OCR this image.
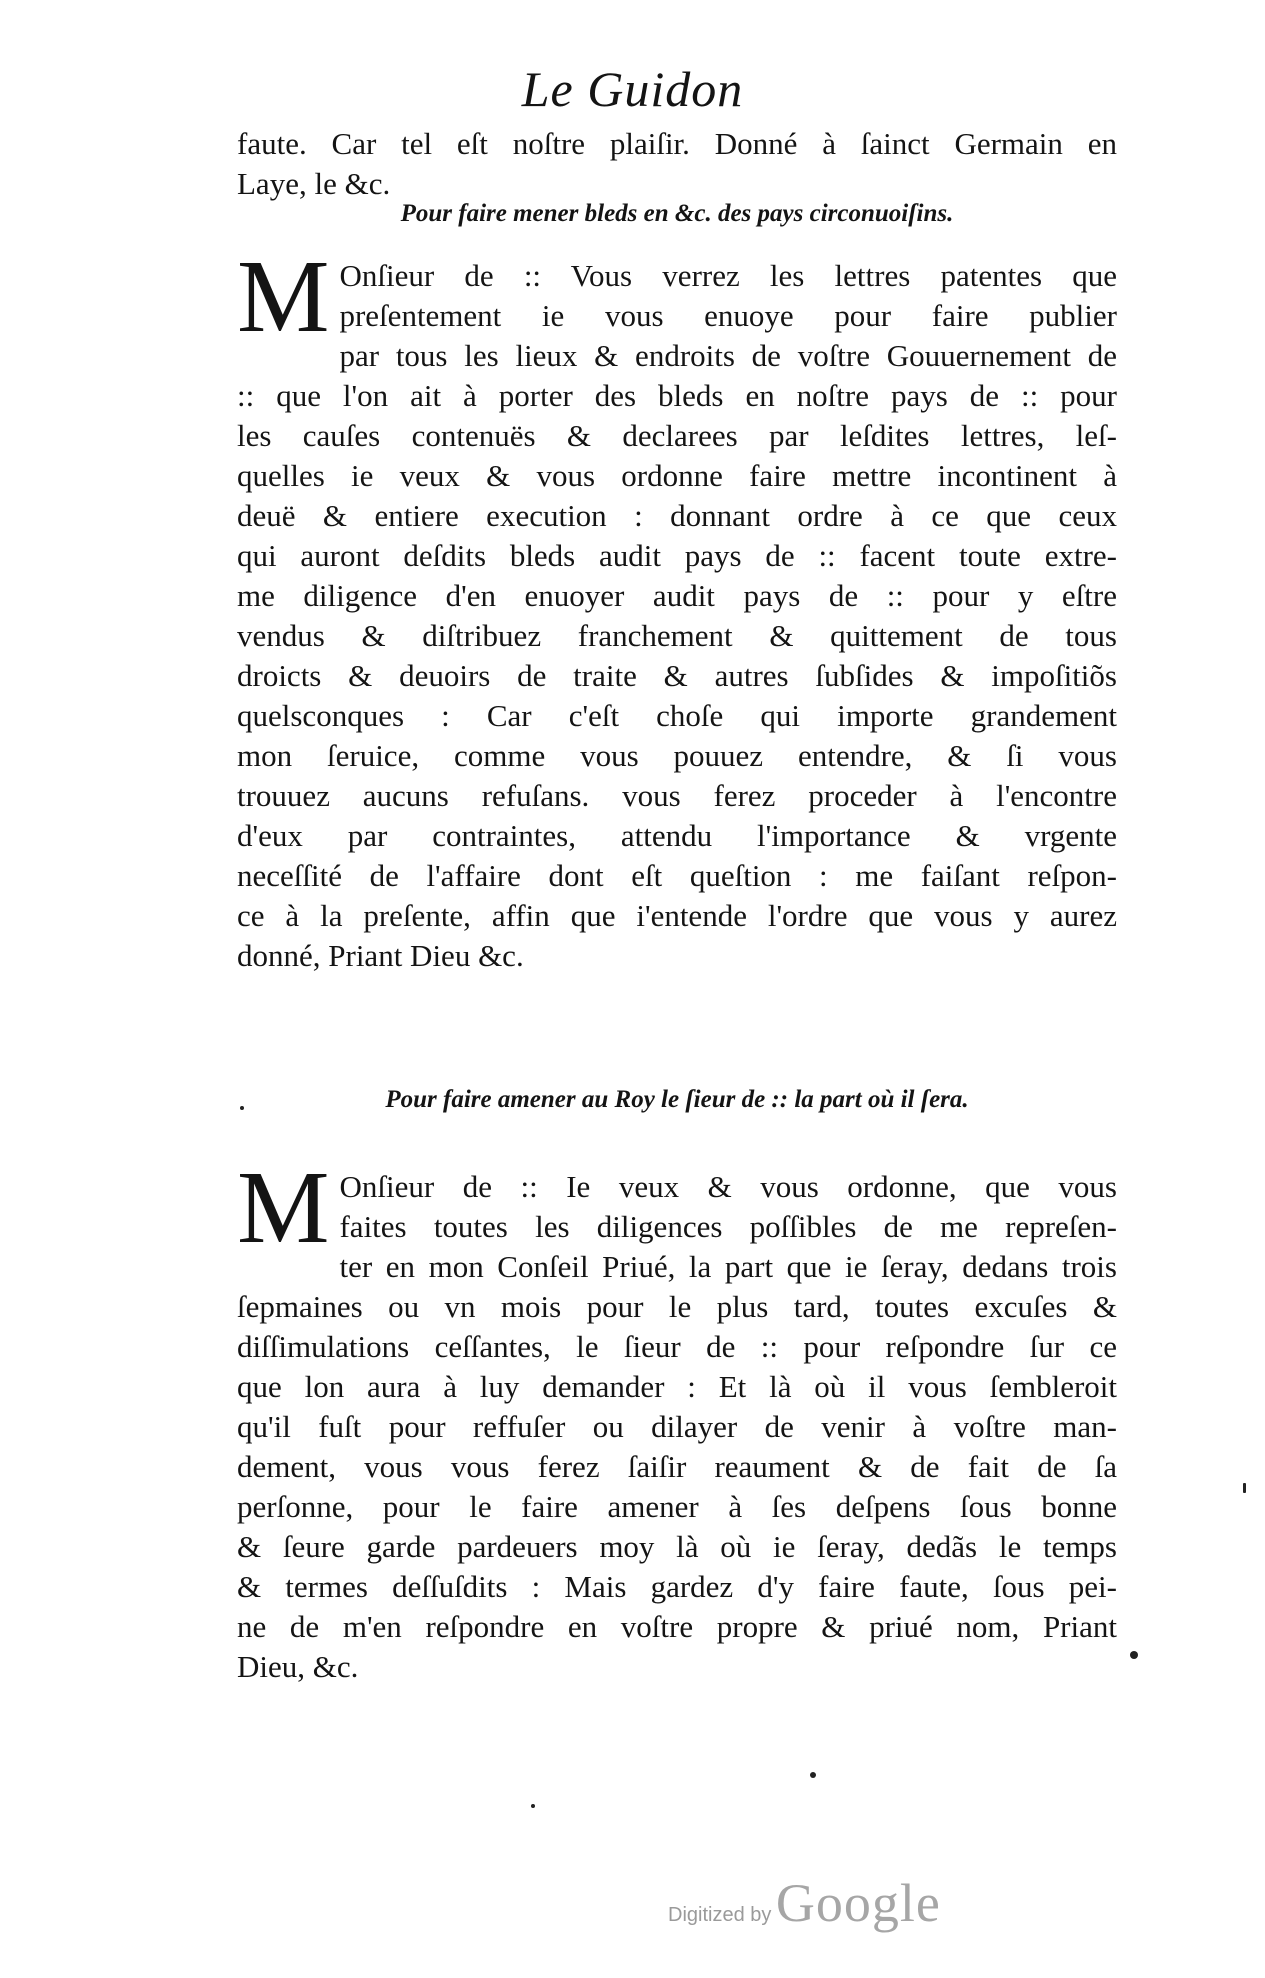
Le Guidon
faute. Car tel eſt noſtre plaiſir. Donné à ſainct Germain en
Laye, le &c.
Pour faire mener bleds en &c. des pays circonuoiſins.
M Onſieur de :: Vous verrez les lettres patentes que
preſentement ie vous enuoye pour faire publier
par tous les lieux & endroits de voſtre Gouuernement de
:: que l'on ait à porter des bleds en noſtre pays de :: pour
les cauſes contenuës & declarees par leſdites lettres, leſ-
quelles ie veux & vous ordonne faire mettre incontinent à
deuë & entiere execution : donnant ordre à ce que ceux
qui auront deſdits bleds audit pays de :: facent toute extre-
me diligence d'en enuoyer audit pays de :: pour y eſtre
vendus & diſtribuez franchement & quittement de tous
droicts & deuoirs de traite & autres ſubſides & impoſitiõs
quelsconques : Car c'eſt choſe qui importe grandement
mon ſeruice, comme vous pouuez entendre, & ſi vous
trouuez aucuns refuſans. vous ferez proceder à l'encontre
d'eux par contraintes, attendu l'importance & vrgente
neceſſité de l'affaire dont eſt queſtion : me faiſant reſpon-
ce à la preſente, affin que i'entende l'ordre que vous y aurez
donné, Priant Dieu &c.
Pour faire amener au Roy le ſieur de :: la part où il ſera.
M Onſieur de :: Ie veux & vous ordonne, que vous
faites toutes les diligences poſſibles de me repreſen-
ter en mon Conſeil Priué, la part que ie ſeray, dedans trois
ſepmaines ou vn mois pour le plus tard, toutes excuſes &
diſſimulations ceſſantes, le ſieur de :: pour reſpondre ſur ce
que lon aura à luy demander : Et là où il vous ſembleroit
qu'il fuſt pour reffuſer ou dilayer de venir à voſtre man-
dement, vous vous ferez ſaiſir reaument & de fait de ſa
perſonne, pour le faire amener à ſes deſpens ſous bonne
& ſeure garde pardeuers moy là où ie ſeray, dedãs le temps
& termes deſſuſdits : Mais gardez d'y faire faute, ſous pei-
ne de m'en reſpondre en voſtre propre & priué nom, Priant
Dieu, &c.
Digitized by Google
